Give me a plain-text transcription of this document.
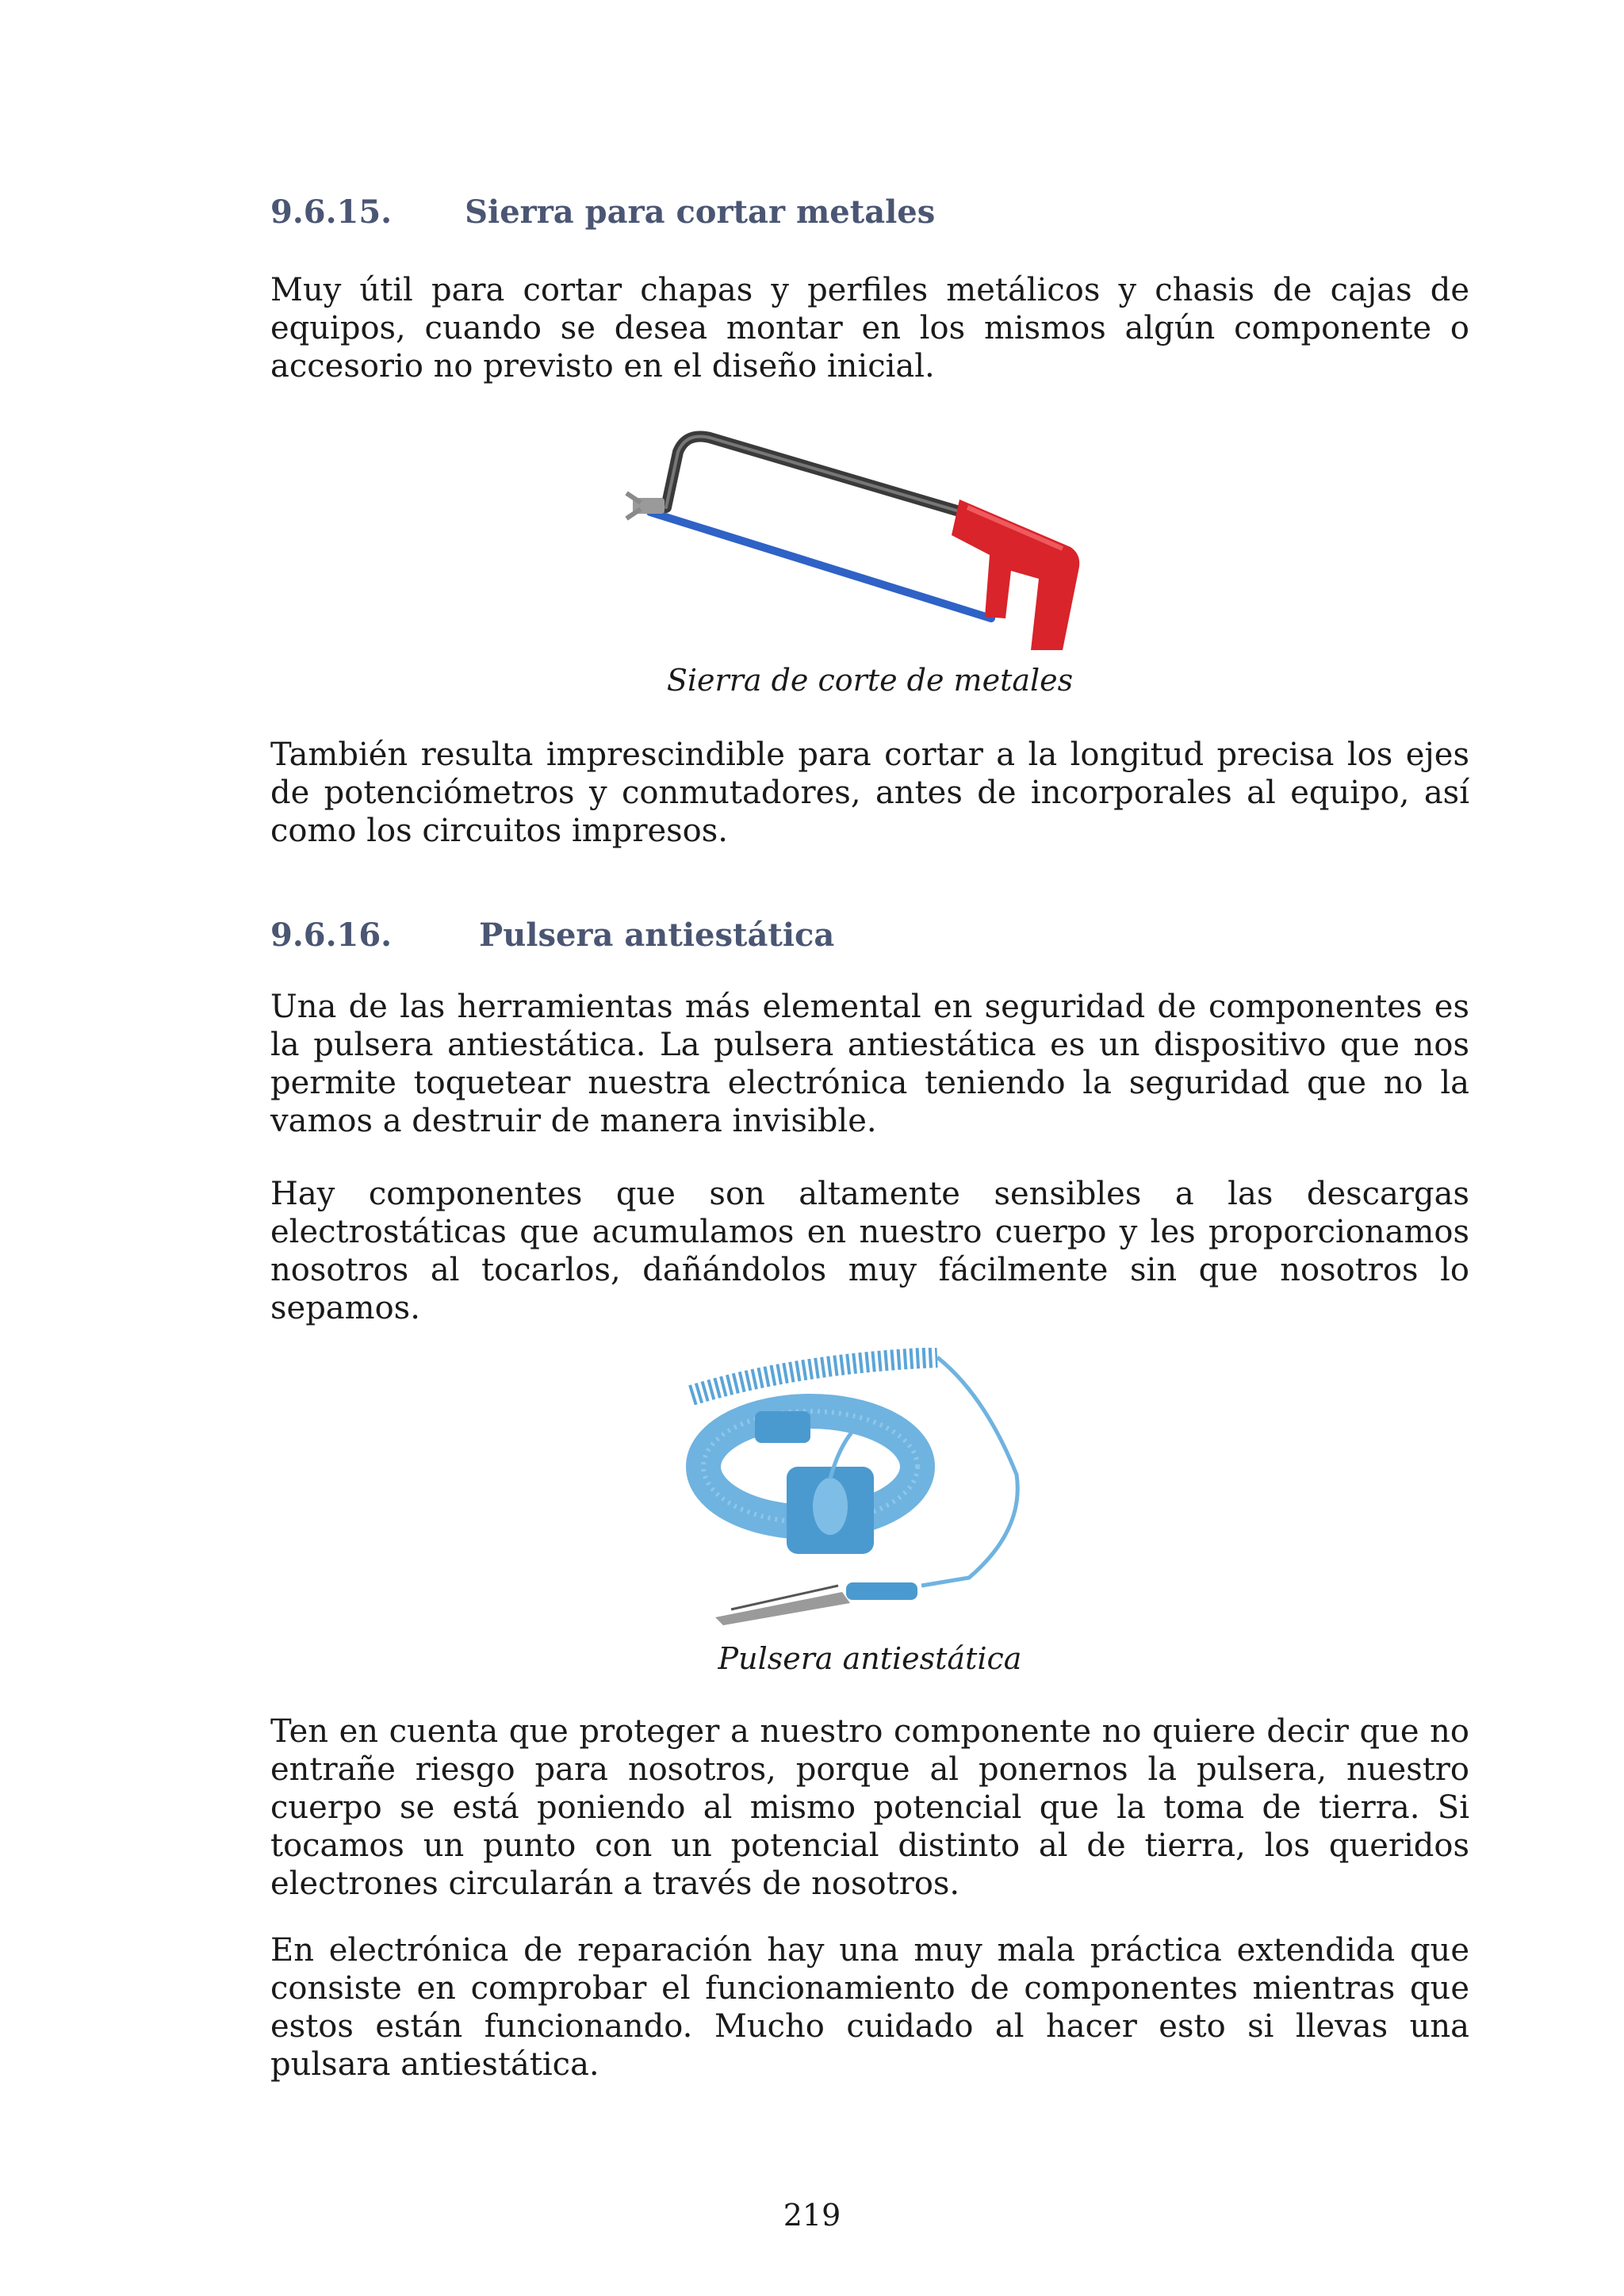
9.6.15. Sierra para cortar metales

Muy útil para cortar chapas y perfiles metálicos y chasis de cajas de equipos, cuando se desea montar en los mismos algún componente o accesorio no previsto en el diseño inicial.

Sierra de corte de metales

También resulta imprescindible para cortar a la longitud precisa los ejes de potenciómetros y conmutadores, antes de incorporales al equipo, así como los circuitos impresos.

9.6.16.	Pulsera antiestática

Una de las herramientas más elemental en seguridad de componentes es la pulsera antiestática. La pulsera antiestática es un dispositivo que nos permite toquetear nuestra electrónica teniendo la seguridad que no la vamos a destruir de manera invisible.

Hay componentes que son altamente sensibles a las descargas electrostáticas que acumulamos en nuestro cuerpo y les proporcionamos nosotros al tocarlos, dañándolos muy fácilmente sin que nosotros lo sepamos.

Pulsera antiestática

Ten en cuenta que proteger a nuestro componente no quiere decir que no entrañe riesgo para nosotros, porque al ponernos la pulsera, nuestro cuerpo se está poniendo al mismo potencial que la toma de tierra. Si tocamos un punto con un potencial distinto al de tierra, los queridos electrones circularán a través de nosotros.

En electrónica de reparación hay una muy mala práctica extendida que consiste en comprobar el funcionamiento de componentes mientras que estos están funcionando. Mucho cuidado al hacer esto si llevas una pulsara antiestática.

219
